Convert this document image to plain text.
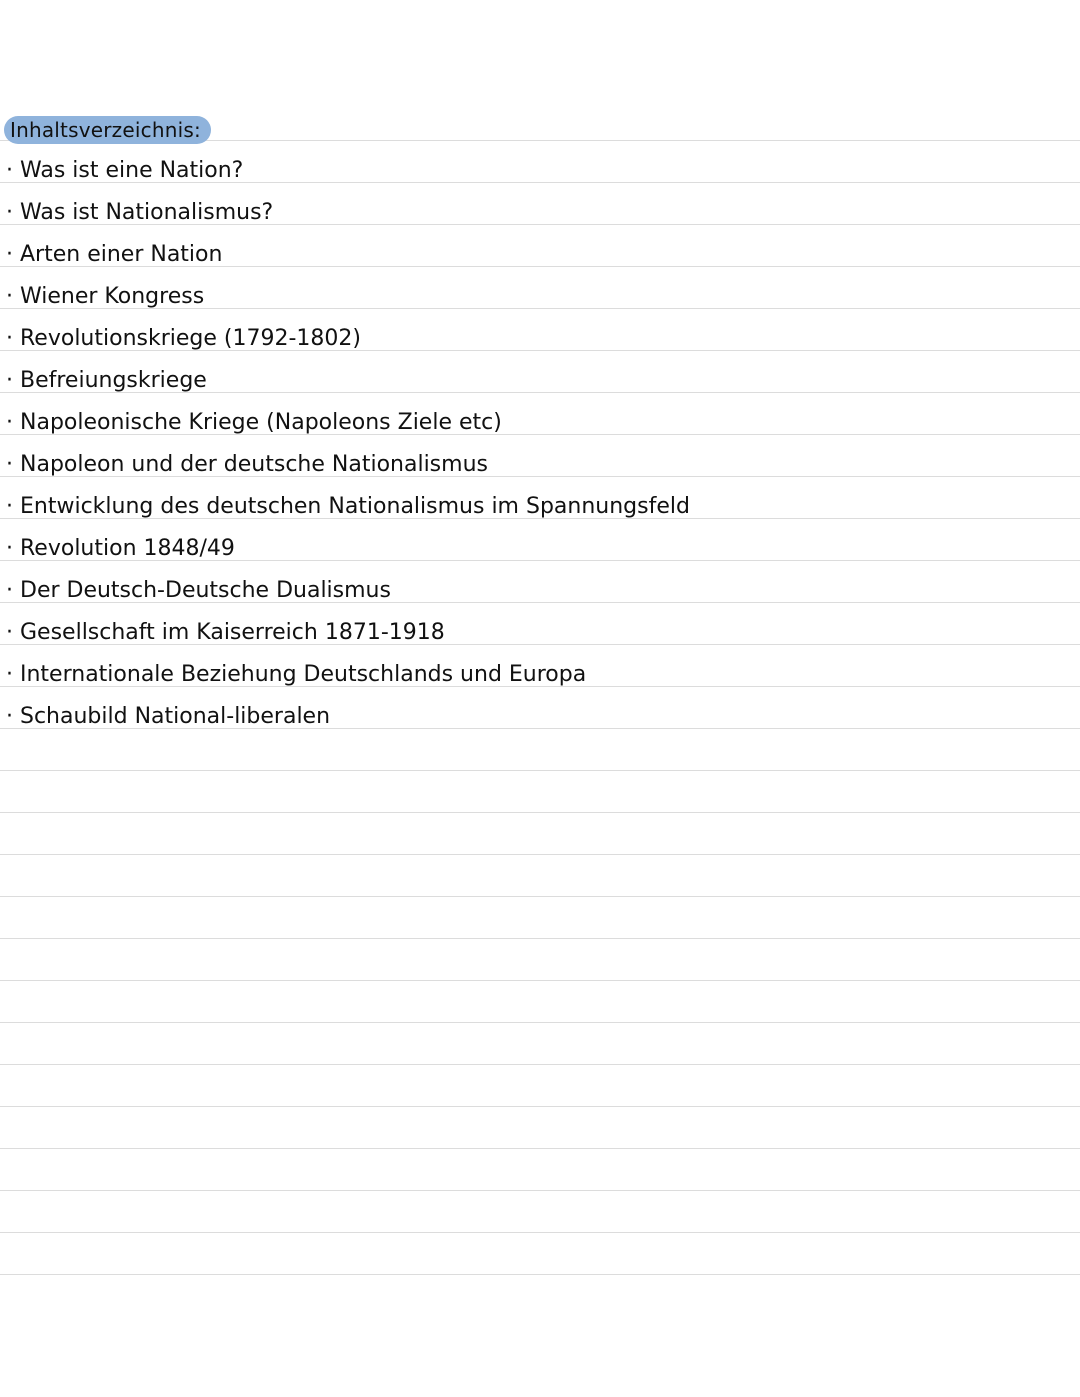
Inhaltsverzeichnis:
· Was ist eine Nation?
· Was ist Nationalismus?
· Arten einer Nation
· Wiener Kongress
· Revolutionskriege (1792-1802)
· Befreiungskriege
· Napoleonische Kriege (Napoleons Ziele etc)
· Napoleon und der deutsche Nationalismus
· Entwicklung des deutschen Nationalismus im Spannungsfeld
· Revolution 1848/49
· Der Deutsch-Deutsche Dualismus
· Gesellschaft im Kaiserreich 1871-1918
· Internationale Beziehung Deutschlands und Europa
· Schaubild National-liberalen
